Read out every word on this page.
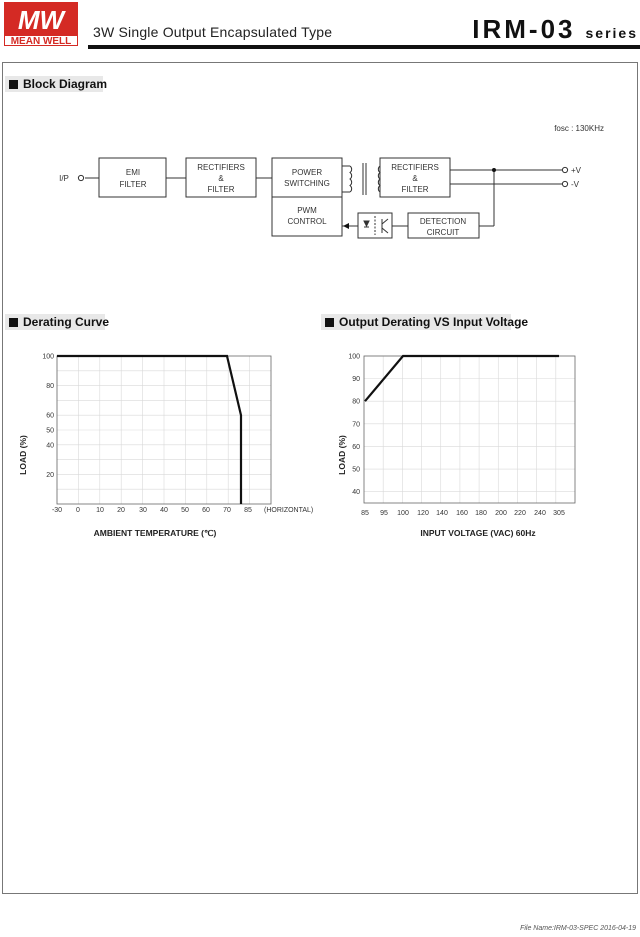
MW
MEAN WELL
3W Single Output Encapsulated Type	IRM-03 series
Block Diagram
Derating Curve	Output Derating VS Input Voltage
fosc : 130KHz
I/P
EMI
FILTER
RECTIFIERS
&
FILTER
POWER
SWITCHING
PWM
CONTROL
RECTIFIERS
&
FILTER
DETECTION
CIRCUIT
+V
-V
-30 0 10 20 30 40 50 60 70 85
20
40
50
60
80
100
(HORIZONTAL)
AMBIENT TEMPERATURE (℃)
LOAD (%)
85 95 100 120 140 160 180 200 220 240 305
40
50
60
70
80
90
100
INPUT VOLTAGE (VAC) 60Hz
LOAD (%)
File Name:IRM-03-SPEC 2016-04-19
